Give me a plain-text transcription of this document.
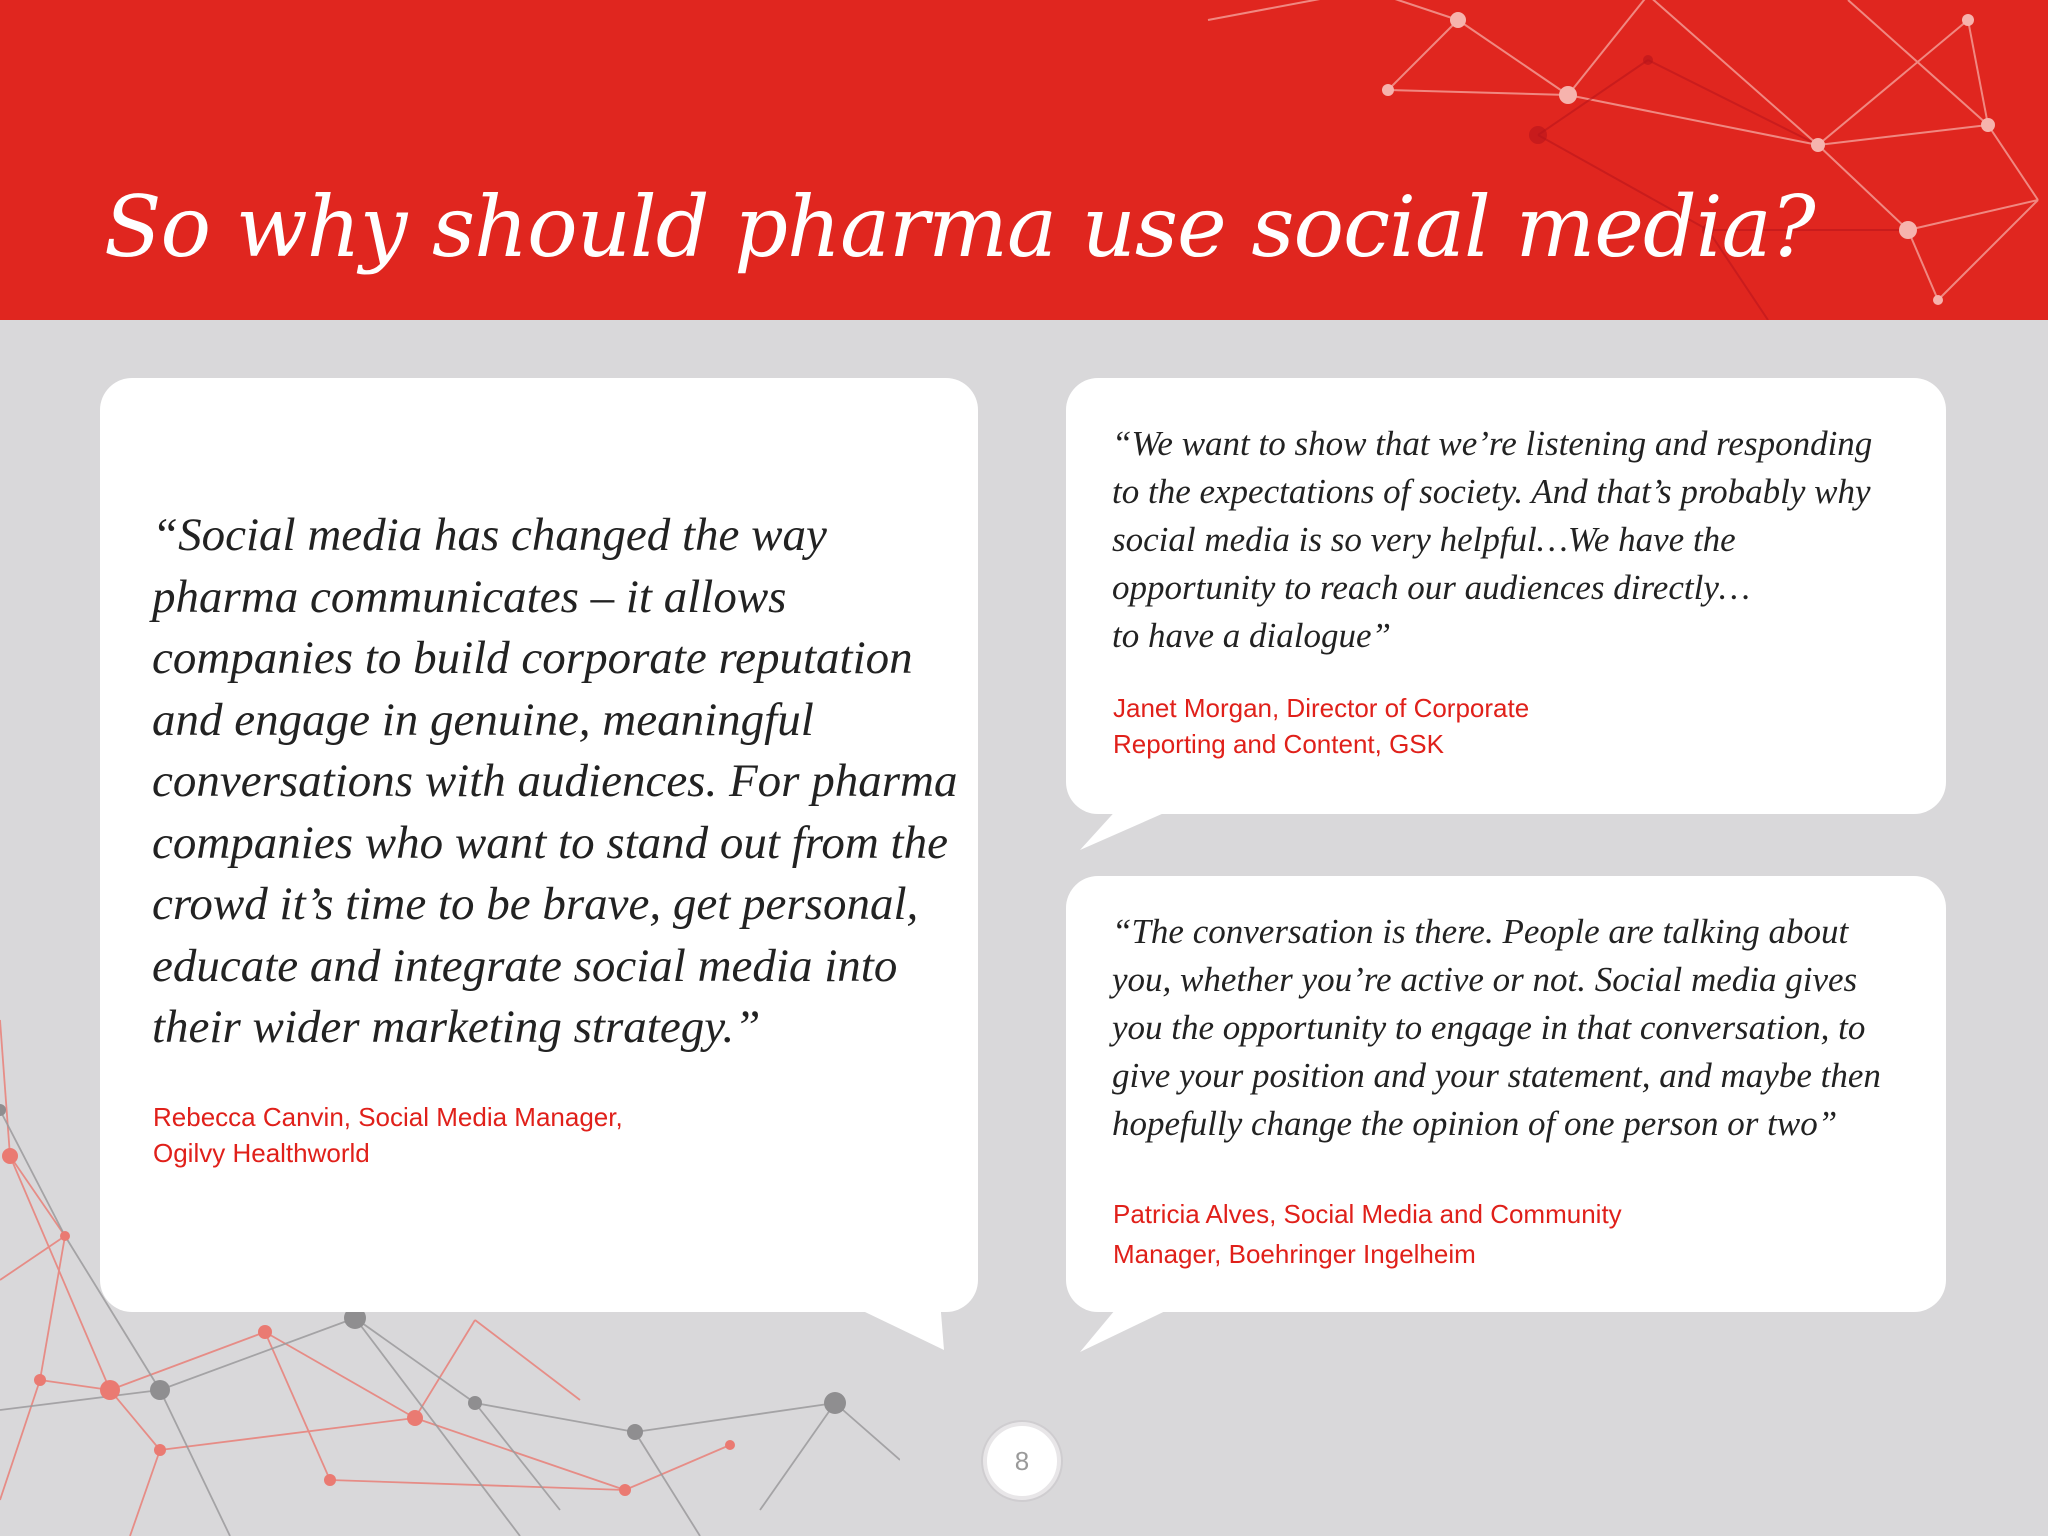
So why should pharma use social media?
“Social media has changed the way
pharma communicates – it allows
companies to build corporate reputation
and engage in genuine, meaningful
conversations with audiences. For pharma
companies who want to stand out from the
crowd it’s time to be brave, get personal,
educate and integrate social media into
their wider marketing strategy.”
Rebecca Canvin, Social Media Manager,
Ogilvy Healthworld
“We want to show that we’re listening and responding
to the expectations of society. And that’s probably why
social media is so very helpful…We have the
opportunity to reach our audiences directly…
to have a dialogue”
Janet Morgan, Director of Corporate
Reporting and Content, GSK
“The conversation is there. People are talking about
you, whether you’re active or not. Social media gives
you the opportunity to engage in that conversation, to
give your position and your statement, and maybe then
hopefully change the opinion of one person or two”
Patricia Alves, Social Media and Community
Manager, Boehringer Ingelheim
8
